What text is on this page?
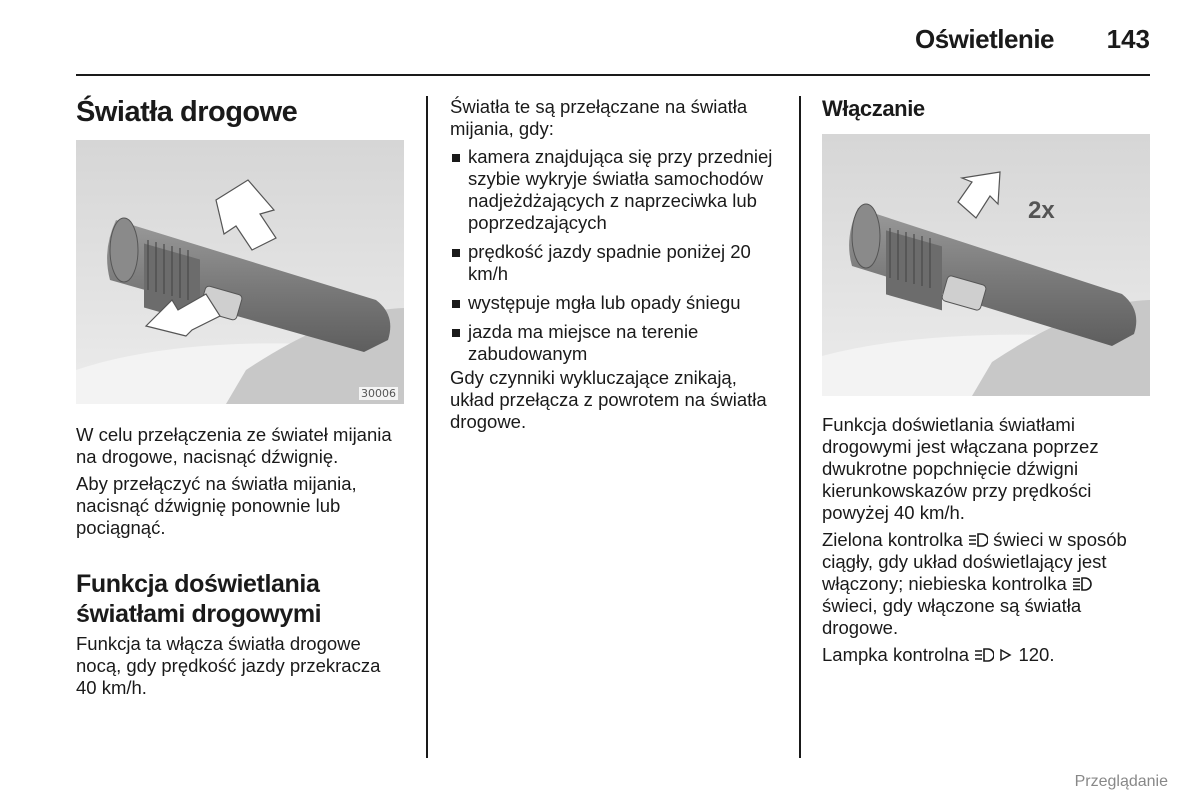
Oświetlenie 143
Światła drogowe
30006

W celu przełączenia ze świateł mijania na drogowe, nacisnąć dźwignię.

Aby przełączyć na światła mijania, nacisnąć dźwignię ponownie lub pociągnąć.

Funkcja doświetlania
światłami drogowymi

Funkcja ta włącza światła drogowe nocą, gdy prędkość jazdy przekracza 40 km/h.

Światła te są przełączane na światła mijania, gdy:

kamera znajdująca się przy przedniej szybie wykryje światła samochodów nadjeżdżających z naprzeciwka lub poprzedzających
prędkość jazdy spadnie poniżej 20 km/h
występuje mgła lub opady śniegu
jazda ma miejsce na terenie zabudowanym

Gdy czynniki wykluczające znikają, układ przełącza z powrotem na światła drogowe.

Włączanie
2x

Funkcja doświetlania światłami drogowymi jest włączana poprzez dwukrotne popchnięcie dźwigni kierunkowskazów przy prędkości powyżej 40 km/h.

Zielona kontrolka świeci w sposób ciągły, gdy układ doświetlający jest włączony; niebieska kontrolka  świeci, gdy włączone są światła drogowe.

Lampka kontrolna	120.

Przeglądanie
